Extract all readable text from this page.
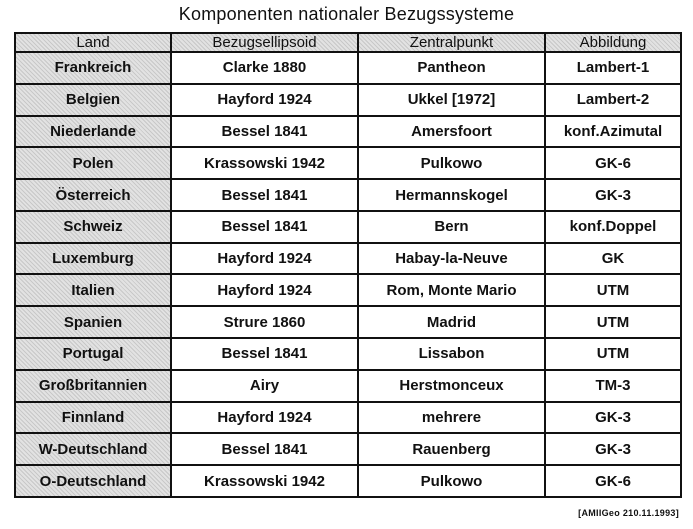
Komponenten nationaler Bezugssysteme
Land	Bezugsellipsoid	Zentralpunkt	Abbildung
Frankreich	Clarke 1880	Pantheon	Lambert-1
Belgien	Hayford 1924	Ukkel [1972]	Lambert-2
Niederlande	Bessel 1841	Amersfoort	konf.Azimutal
Polen	Krassowski 1942	Pulkowo	GK-6
Österreich	Bessel 1841	Hermannskogel	GK-3
Schweiz	Bessel 1841	Bern	konf.Doppel
Luxemburg	Hayford 1924	Habay-la-Neuve	GK
Italien	Hayford 1924	Rom, Monte Mario	UTM
Spanien	Strure 1860	Madrid	UTM
Portugal	Bessel 1841	Lissabon	UTM
Großbritannien	Airy	Herstmonceux	TM-3
Finnland	Hayford 1924	mehrere	GK-3
W-Deutschland	Bessel 1841	Rauenberg	GK-3
O-Deutschland	Krassowski 1942	Pulkowo	GK-6
[AMIIGeo 210.11.1993]
